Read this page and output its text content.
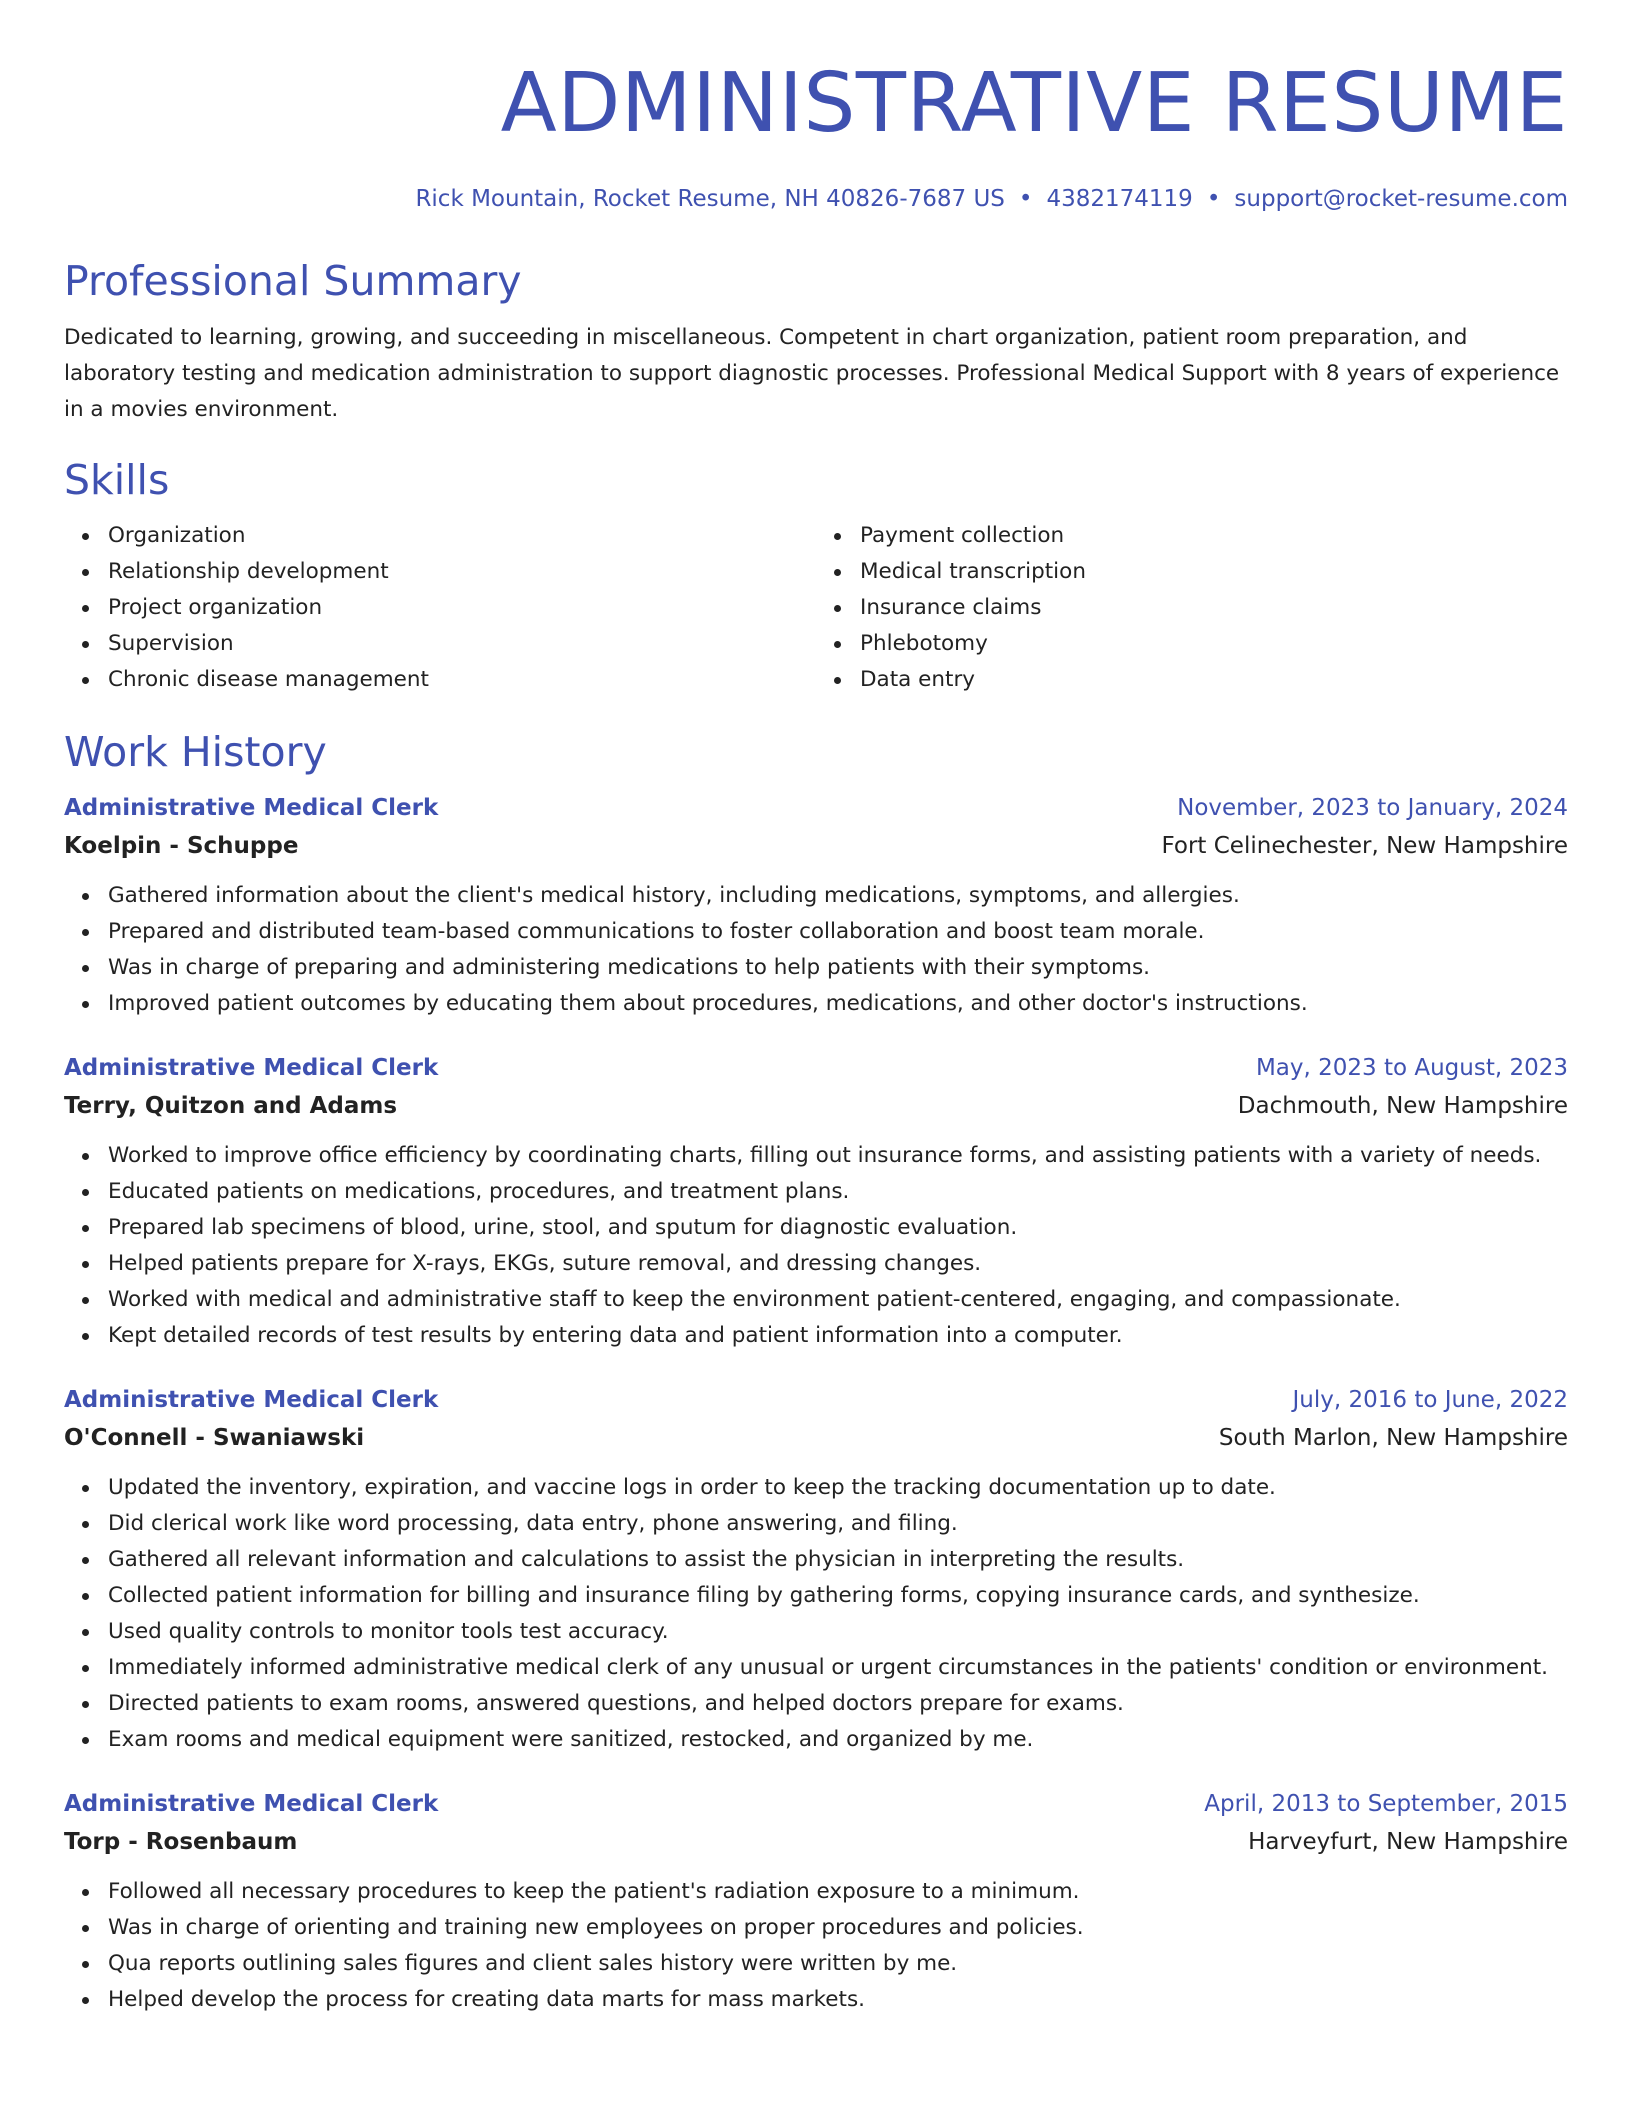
ADMINISTRATIVE RESUME
Rick Mountain, Rocket Resume, NH 40826-7687 US • 4382174119 • support@rocket-resume.com
Professional Summary
Dedicated to learning, growing, and succeeding in miscellaneous. Competent in chart organization, patient room preparation, and laboratory testing and medication administration to support diagnostic processes. Professional Medical Support with 8 years of experience in a movies environment.
Skills
Organization
Relationship development
Project organization
Supervision
Chronic disease management
Payment collection
Medical transcription
Insurance claims
Phlebotomy
Data entry
Work History
Administrative Medical Clerk	November, 2023 to January, 2024
Koelpin - Schuppe	Fort Celinechester, New Hampshire
Gathered information about the client's medical history, including medications, symptoms, and allergies.
Prepared and distributed team-based communications to foster collaboration and boost team morale.
Was in charge of preparing and administering medications to help patients with their symptoms.
Improved patient outcomes by educating them about procedures, medications, and other doctor's instructions.
Administrative Medical Clerk	May, 2023 to August, 2023
Terry, Quitzon and Adams	Dachmouth, New Hampshire
Worked to improve office efficiency by coordinating charts, filling out insurance forms, and assisting patients with a variety of needs.
Educated patients on medications, procedures, and treatment plans.
Prepared lab specimens of blood, urine, stool, and sputum for diagnostic evaluation.
Helped patients prepare for X-rays, EKGs, suture removal, and dressing changes.
Worked with medical and administrative staff to keep the environment patient-centered, engaging, and compassionate.
Kept detailed records of test results by entering data and patient information into a computer.
Administrative Medical Clerk	July, 2016 to June, 2022
O'Connell - Swaniawski	South Marlon, New Hampshire
Updated the inventory, expiration, and vaccine logs in order to keep the tracking documentation up to date.
Did clerical work like word processing, data entry, phone answering, and filing.
Gathered all relevant information and calculations to assist the physician in interpreting the results.
Collected patient information for billing and insurance filing by gathering forms, copying insurance cards, and synthesize.
Used quality controls to monitor tools test accuracy.
Immediately informed administrative medical clerk of any unusual or urgent circumstances in the patients' condition or environment.
Directed patients to exam rooms, answered questions, and helped doctors prepare for exams.
Exam rooms and medical equipment were sanitized, restocked, and organized by me.
Administrative Medical Clerk	April, 2013 to September, 2015
Torp - Rosenbaum	Harveyfurt, New Hampshire
Followed all necessary procedures to keep the patient's radiation exposure to a minimum.
Was in charge of orienting and training new employees on proper procedures and policies.
Qua reports outlining sales figures and client sales history were written by me.
Helped develop the process for creating data marts for mass markets.
